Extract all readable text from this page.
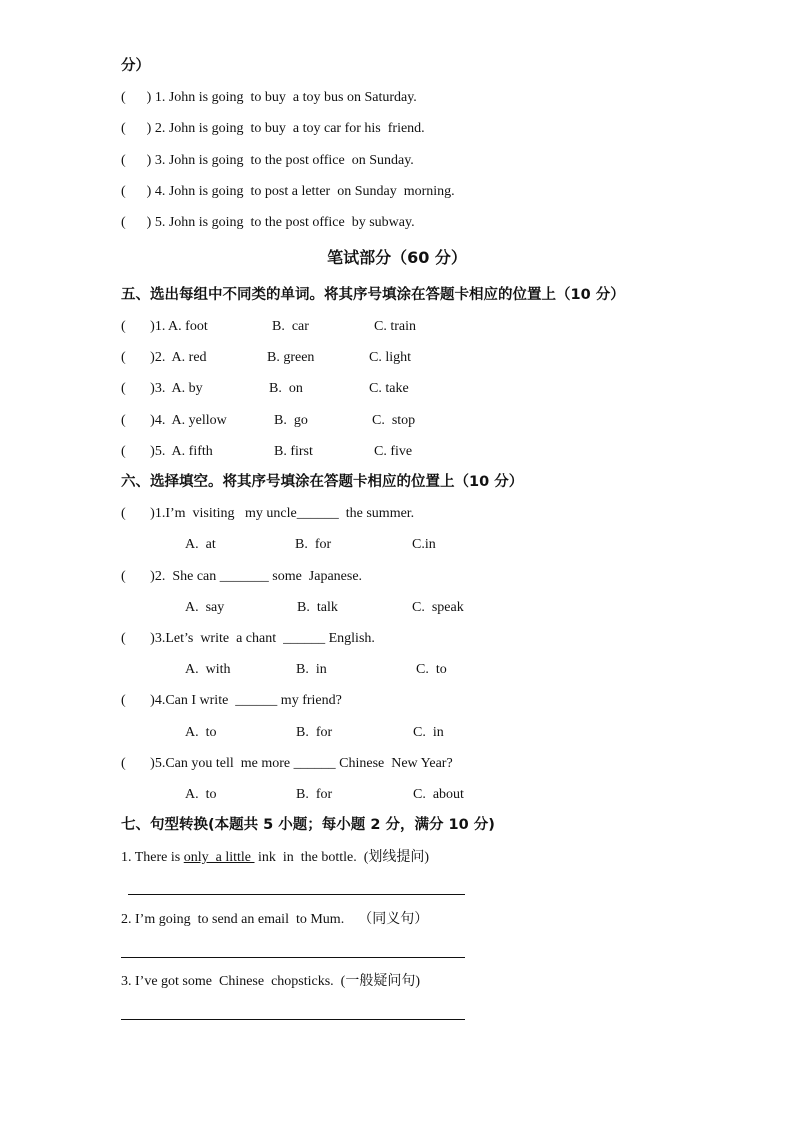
分）
(      ) 1. John is going  to buy  a toy bus on Saturday.
(      ) 2. John is going  to buy  a toy car for his  friend.
(      ) 3. John is going  to the post office  on Sunday.
(      ) 4. John is going  to post a letter  on Sunday  morning.
(      ) 5. John is going  to the post office  by subway.
笔试部分（60 分）
五、选出每组中不同类的单词。将其序号填涂在答题卡相应的位置上（10 分）
(       )1. A. foot	B.  car	C. train
(       )2.  A. red	B. green	C. light
(       )3.  A. by	B.  on	C. take
(       )4.  A. yellow	B.  go	C.  stop
(       )5.  A. fifth	B. first	C. five
六、选择填空。将其序号填涂在答题卡相应的位置上（10 分）
(       )1.I’m  visiting   my uncle______  the summer.
A.  at	B.  for	C.in
(       )2.  She can _______ some  Japanese.
A.  say	B.  talk	C.  speak
(       )3.Let’s  write  a chant  ______ English.
A.  with	B.  in	C.  to
(       )4.Can I write  ______ my friend?
A.  to	B.  for	C.  in
(       )5.Can you tell  me more ______ Chinese  New Year?
A.  to	B.  for	C.  about
七、句型转换(本题共 5 小题；每小题 2 分，满分 10 分)
1. There is only  a little  ink  in  the bottle.  (划线提问)
2. I’m going  to send an email  to Mum.    （同义句）
3. I’ve got some  Chinese  chopsticks.  (一般疑问句)
